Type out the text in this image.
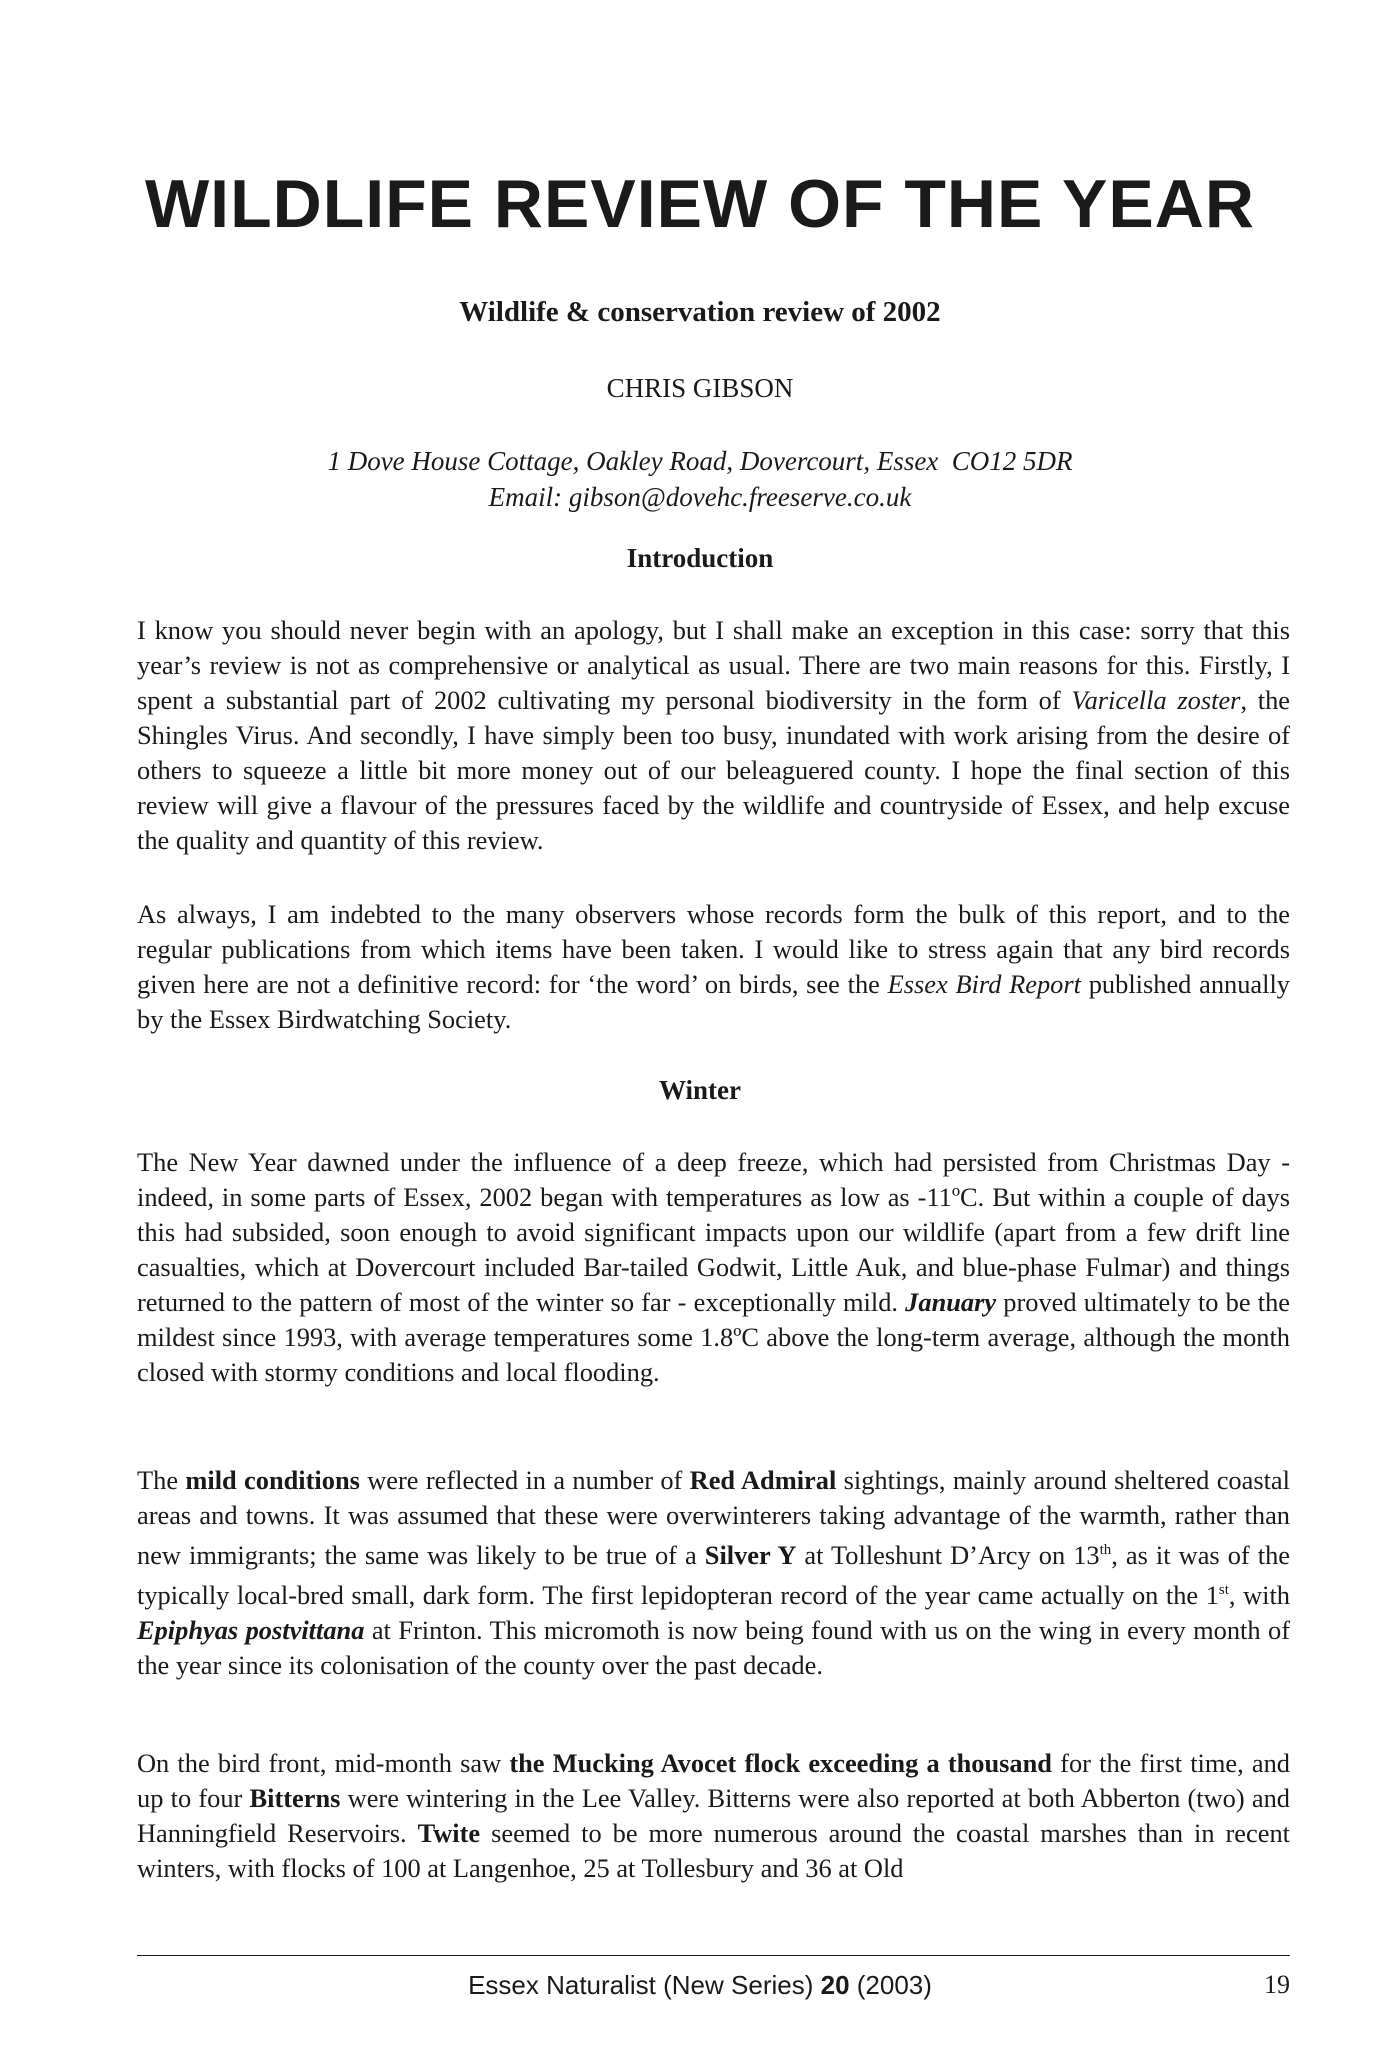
WILDLIFE REVIEW OF THE YEAR

Wildlife & conservation review of 2002

CHRIS GIBSON

1 Dove House Cottage, Oakley Road, Dovercourt, Essex  CO12 5DR
Email: gibson@dovehc.freeserve.co.uk
Introduction

I know you should never begin with an apology, but I shall make an exception in this case: sorry that this year’s review is not as comprehensive or analytical as usual. There are two main reasons for this. Firstly, I spent a substantial part of 2002 cultivating my personal biodiversity in the form of Varicella zoster, the Shingles Virus. And secondly, I have simply been too busy, inundated with work arising from the desire of others to squeeze a little bit more money out of our beleaguered county. I hope the final section of this review will give a flavour of the pressures faced by the wildlife and countryside of Essex, and help excuse the quality and quantity of this review.

As always, I am indebted to the many observers whose records form the bulk of this report, and to the regular publications from which items have been taken. I would like to stress again that any bird records given here are not a definitive record: for ‘the word’ on birds, see the Essex Bird Report published annually by the Essex Birdwatching Society.

Winter

The New Year dawned under the influence of a deep freeze, which had persisted from Christmas Day - indeed, in some parts of Essex, 2002 began with temperatures as low as -11ºC. But within a couple of days this had subsided, soon enough to avoid significant impacts upon our wildlife (apart from a few drift line casualties, which at Dovercourt included Bar-tailed Godwit, Little Auk, and blue-phase Fulmar) and things returned to the pattern of most of the winter so far - exceptionally mild. January proved ultimately to be the mildest since 1993, with average temperatures some 1.8ºC above the long-term average, although the month closed with stormy conditions and local flooding.

The mild conditions were reflected in a number of Red Admiral sightings, mainly around sheltered coastal areas and towns. It was assumed that these were overwinterers taking advantage of the warmth, rather than new immigrants; the same was likely to be true of a Silver Y at Tolleshunt D’Arcy on 13th, as it was of the typically local-bred small, dark form. The first lepidopteran record of the year came actually on the 1st, with Epiphyas postvittana at Frinton. This micromoth is now being found with us on the wing in every month of the year since its colonisation of the county over the past decade.

On the bird front, mid-month saw the Mucking Avocet flock exceeding a thousand for the first time, and up to four Bitterns were wintering in the Lee Valley. Bitterns were also reported at both Abberton (two) and Hanningfield Reservoirs. Twite seemed to be more numerous around the coastal marshes than in recent winters, with flocks of 100 at Langenhoe, 25 at Tollesbury and 36 at Old

Essex Naturalist (New Series) 20 (2003)	19
